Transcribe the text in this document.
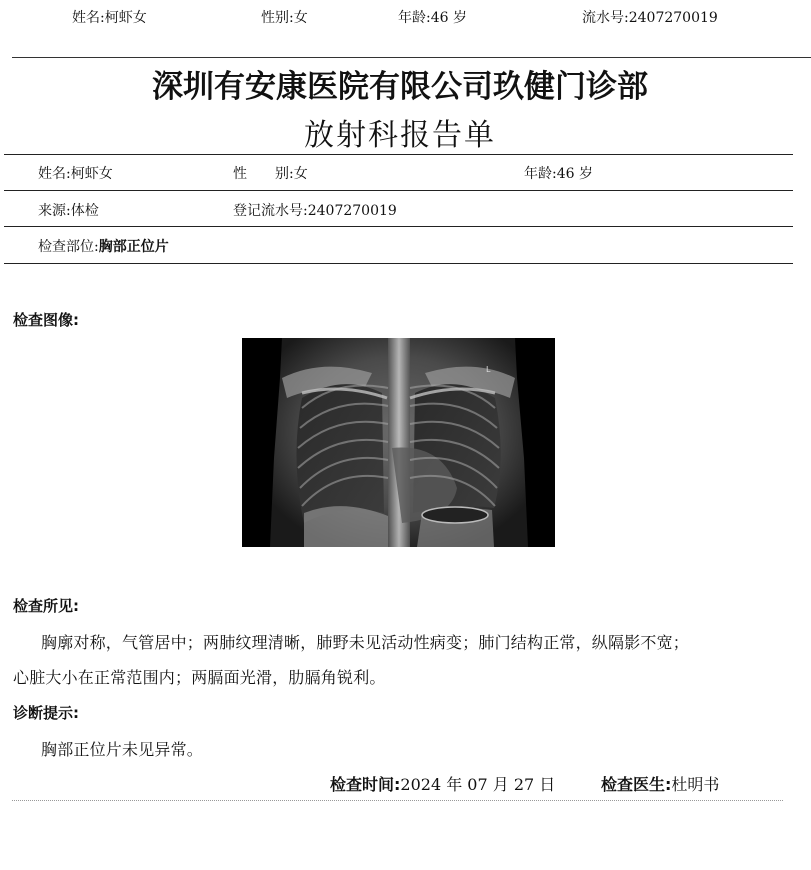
姓名:柯虾女	性别:女	年龄:46 岁	流水号:2407270019
深圳有安康医院有限公司玖健门诊部
放射科报告单
姓名:柯虾女	性　　别:女	年龄:46 岁
来源:体检	登记流水号:2407270019
检查部位:胸部正位片
检查图像:
L
检查所见:
胸廓对称，气管居中；两肺纹理清晰，肺野未见活动性病变；肺门结构正常，纵隔影不宽；
心脏大小在正常范围内；两膈面光滑，肋膈角锐利。
诊断提示:
胸部正位片未见异常。
检查时间:2024 年 07 月 27 日	检查医生:杜明书
